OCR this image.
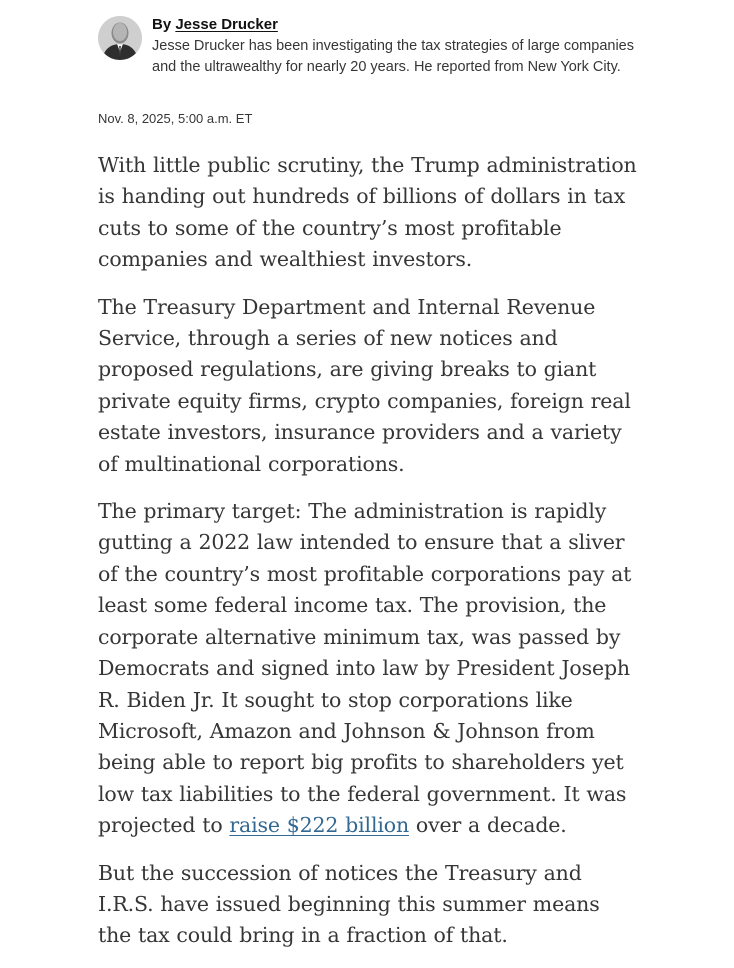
By Jesse Drucker

Jesse Drucker has been investigating the tax strategies of large companies and the ultrawealthy for nearly 20 years. He reported from New York City.

Nov. 8, 2025, 5:00 a.m. ET

With little public scrutiny, the Trump administration is handing out hundreds of billions of dollars in tax cuts to some of the country’s most profitable companies and wealthiest investors.

The Treasury Department and Internal Revenue Service, through a series of new notices and proposed regulations, are giving breaks to giant private equity firms, crypto companies, foreign real estate investors, insurance providers and a variety of multinational corporations.

The primary target: The administration is rapidly gutting a 2022 law intended to ensure that a sliver of the country’s most profitable corporations pay at least some federal income tax. The provision, the corporate alternative minimum tax, was passed by Democrats and signed into law by President Joseph R. Biden Jr. It sought to stop corporations like Microsoft, Amazon and Johnson & Johnson from being able to report big profits to shareholders yet low tax liabilities to the federal government. It was projected to raise $222 billion over a decade.

But the succession of notices the Treasury and I.R.S. have issued beginning this summer means the tax could bring in a fraction of that.
